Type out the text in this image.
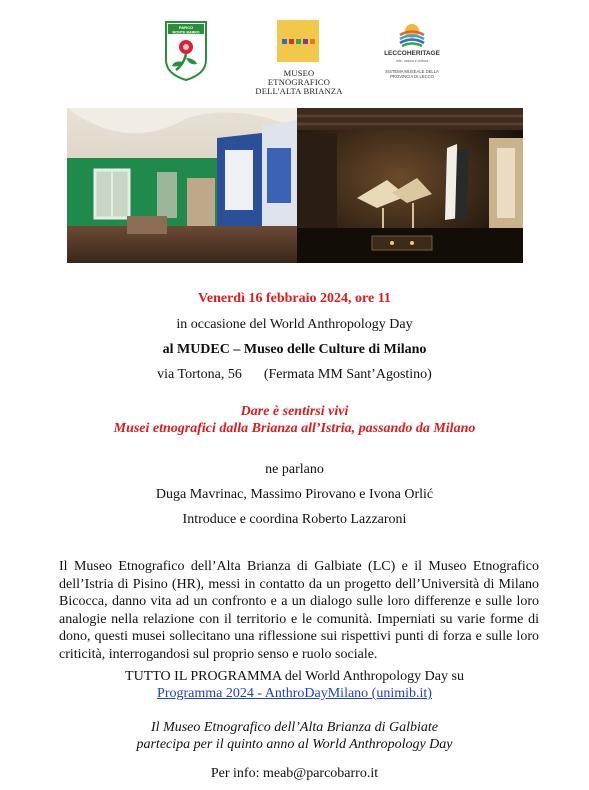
PARCO
MONTE BARRO
MUSEO ETNOGRAFICO
DELL'ALTA BRIANZA
LECCOHERITAGE
arte, natura e cultura
SISTEMA MUSEALE DELLA
PROVINCIA DI LECCO
Venerdì 16 febbraio 2024, ore 11
in occasione del World Anthropology Day
al MUDEC – Museo delle Culture di Milano
via Tortona, 56 (Fermata MM Sant’Agostino)
Dare è sentirsi vivi
Musei etnografici dalla Brianza all’Istria, passando da Milano
ne parlano
Duga Mavrinac, Massimo Pirovano e Ivona Orlić
Introduce e coordina Roberto Lazzaroni
Il Museo Etnografico dell’Alta Brianza di Galbiate (LC) e il Museo Etnografico dell’Istria di Pisino (HR), messi in contatto da un progetto dell’Università di Milano Bicocca, danno vita ad un confronto e a un dialogo sulle loro differenze e sulle loro analogie nella relazione con il territorio e le comunità. Imperniati su varie forme di dono, questi musei sollecitano una riflessione sui rispettivi punti di forza e sulle loro criticità, interrogandosi sul proprio senso e ruolo sociale.
TUTTO IL PROGRAMMA del World Anthropology Day su
Programma 2024 - AnthroDayMilano (unimib.it)
Il Museo Etnografico dell’Alta Brianza di Galbiate
partecipa per il quinto anno al World Anthropology Day
Per info: meab@parcobarro.it
